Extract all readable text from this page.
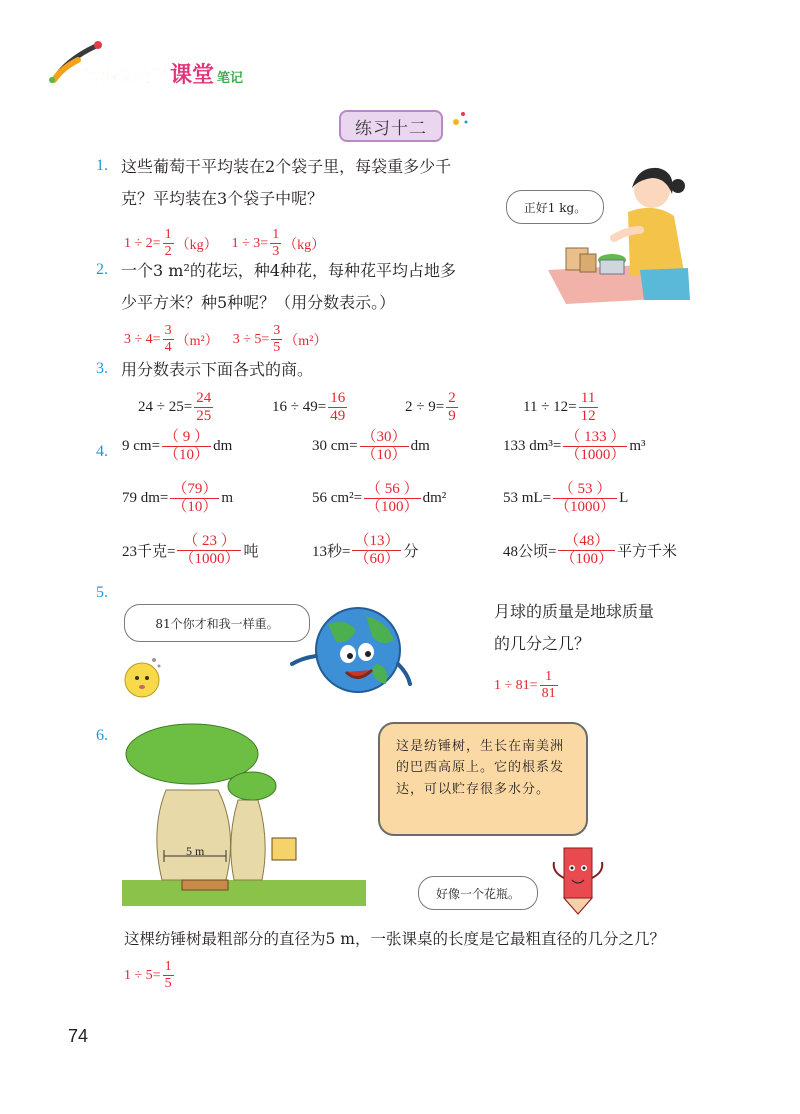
倍小优数学 课堂 笔记
练习十二
1. 这些葡萄干平均装在2个袋子里，每袋重多少千
克？平均装在3个袋子中呢？
$1 \div 2= \frac{1}{2} (kg) 1 \div 3= \frac{1}{3} (kg)$
正好1 kg。
2. 一个3 m²的花坛，种4种花，每种花平均占地多
少平方米？种5种呢？（用分数表示。）
$3 \div 4= \frac{3}{4} (m^2) 3 \div 5= \frac{3}{5} (m^2)$
3. 用分数表示下面各式的商。
$24 \div 25= \frac{24}{25}$	$16 \div 49= \frac{16}{49}$	$2 \div 9= \frac{2}{9}$	$11 \div 12= \frac{11}{12}$
4. 9 $cm= \frac{( 9 )}{(10)}$ dm	30 $cm= \frac{(30)}{(10)}$ dm	133 $dm^3= \frac{( 133 )}{(1000)} m^3$
79 $dm= \frac{(79)}{(10)}$ m	56 $cm^2= \frac{( 56 )}{(100)} dm^2$	53 $mL= \frac{( 53 )}{(1000)}$ L
23千克= $\frac{( 23 )}{(1000)}$ 吨	13秒= $\frac{(13)}{(60)}$ 分	48公顷= $\frac{(48)}{(100)}$ 平方千米
5.
81个你才和我一样重。
月球的质量是地球质量
的几分之几？
$1 \div 81= \frac{1}{81}$
6.
5 m
这是纺锤树，生长在南美洲的巴西高原上。它的根系发达，可以贮存很多水分。
好像一个花瓶。
这棵纺锤树最粗部分的直径为5 m，一张课桌的长度是它最粗直径的几分之几？
$1 \div 5= \frac{1}{5}$
74
